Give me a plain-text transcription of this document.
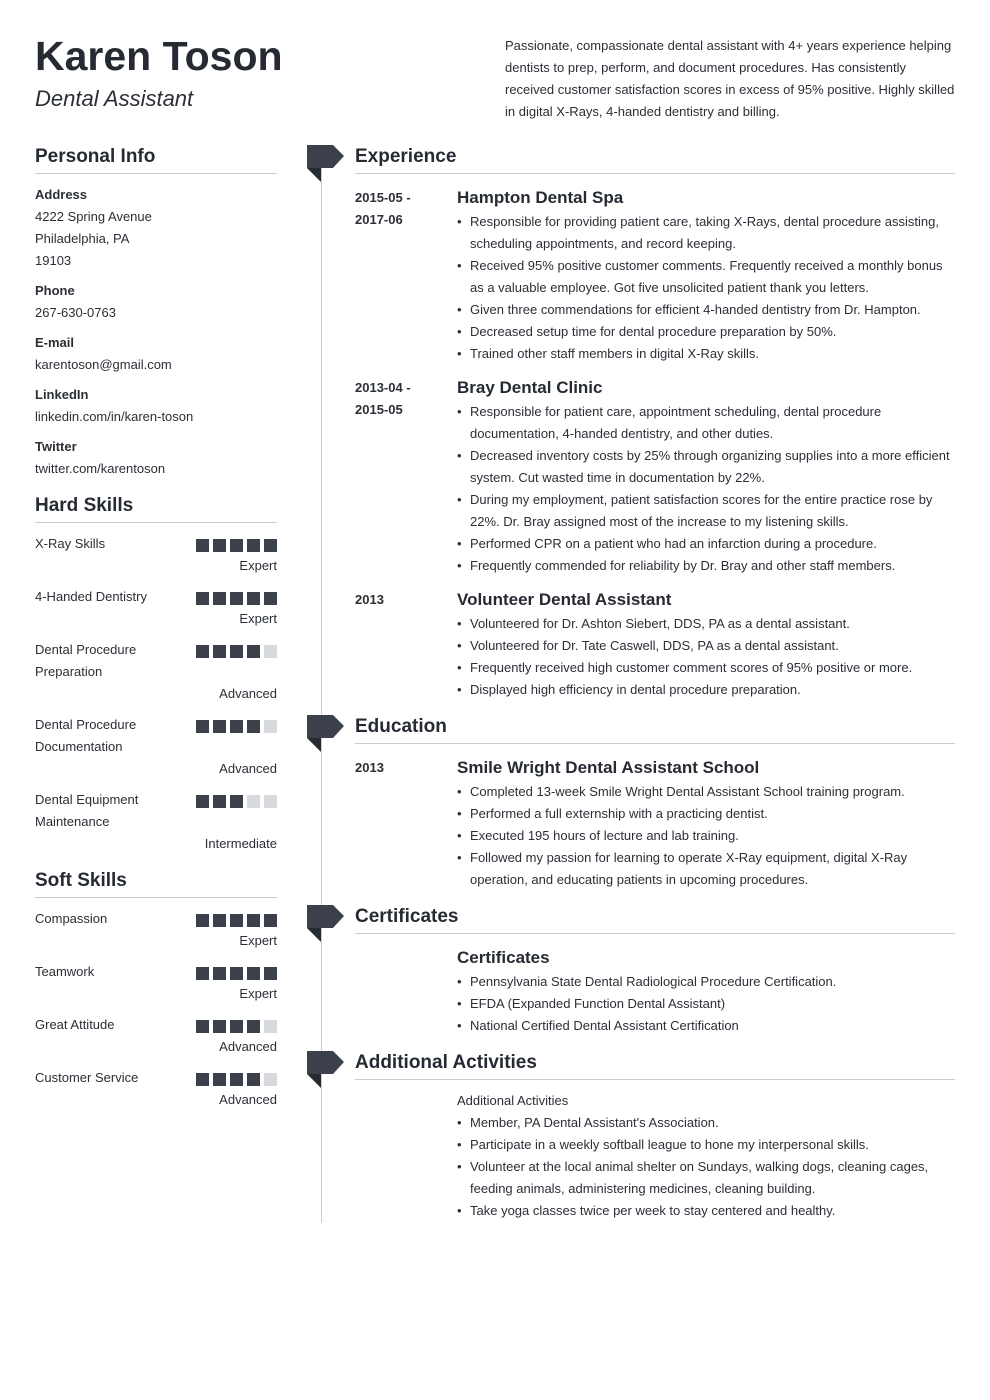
Karen Toson
Dental Assistant
Passionate, compassionate dental assistant with 4+ years experience helping dentists to prep, perform, and document procedures. Has consistently received customer satisfaction scores in excess of 95% positive. Highly skilled in digital X-Rays, 4-handed dentistry and billing.
Personal Info
Address
4222 Spring Avenue
Philadelphia, PA
19103
Phone
267-630-0763
E-mail
karentoson@gmail.com
LinkedIn
linkedin.com/in/karen-toson
Twitter
twitter.com/karentoson
Hard Skills
X-Ray Skills
Expert
4-Handed Dentistry
Expert
Dental Procedure Preparation
Advanced
Dental Procedure Documentation
Advanced
Dental Equipment Maintenance
Intermediate
Soft Skills
Compassion
Expert
Teamwork
Expert
Great Attitude
Advanced
Customer Service
Advanced
Experience
2015-05 -
2017-06
Hampton Dental Spa
• Responsible for providing patient care, taking X-Rays, dental procedure assisting, scheduling appointments, and record keeping.
• Received 95% positive customer comments. Frequently received a monthly bonus as a valuable employee. Got five unsolicited patient thank you letters.
• Given three commendations for efficient 4-handed dentistry from Dr. Hampton.
• Decreased setup time for dental procedure preparation by 50%.
• Trained other staff members in digital X-Ray skills.
2013-04 -
2015-05
Bray Dental Clinic
• Responsible for patient care, appointment scheduling, dental procedure documentation, 4-handed dentistry, and other duties.
• Decreased inventory costs by 25% through organizing supplies into a more efficient system. Cut wasted time in documentation by 22%.
• During my employment, patient satisfaction scores for the entire practice rose by 22%. Dr. Bray assigned most of the increase to my listening skills.
• Performed CPR on a patient who had an infarction during a procedure.
• Frequently commended for reliability by Dr. Bray and other staff members.
2013	Volunteer Dental Assistant
• Volunteered for Dr. Ashton Siebert, DDS, PA as a dental assistant.
• Volunteered for Dr. Tate Caswell, DDS, PA as a dental assistant.
• Frequently received high customer comment scores of 95% positive or more.
• Displayed high efficiency in dental procedure preparation.
Education
2013	Smile Wright Dental Assistant School
• Completed 13-week Smile Wright Dental Assistant School training program.
• Performed a full externship with a practicing dentist.
• Executed 195 hours of lecture and lab training.
• Followed my passion for learning to operate X-Ray equipment, digital X-Ray operation, and educating patients in upcoming procedures.
Certificates
Certificates
• Pennsylvania State Dental Radiological Procedure Certification.
• EFDA (Expanded Function Dental Assistant)
• National Certified Dental Assistant Certification
Additional Activities
Additional Activities
• Member, PA Dental Assistant's Association.
• Participate in a weekly softball league to hone my interpersonal skills.
• Volunteer at the local animal shelter on Sundays, walking dogs, cleaning cages, feeding animals, administering medicines, cleaning building.
• Take yoga classes twice per week to stay centered and healthy.
